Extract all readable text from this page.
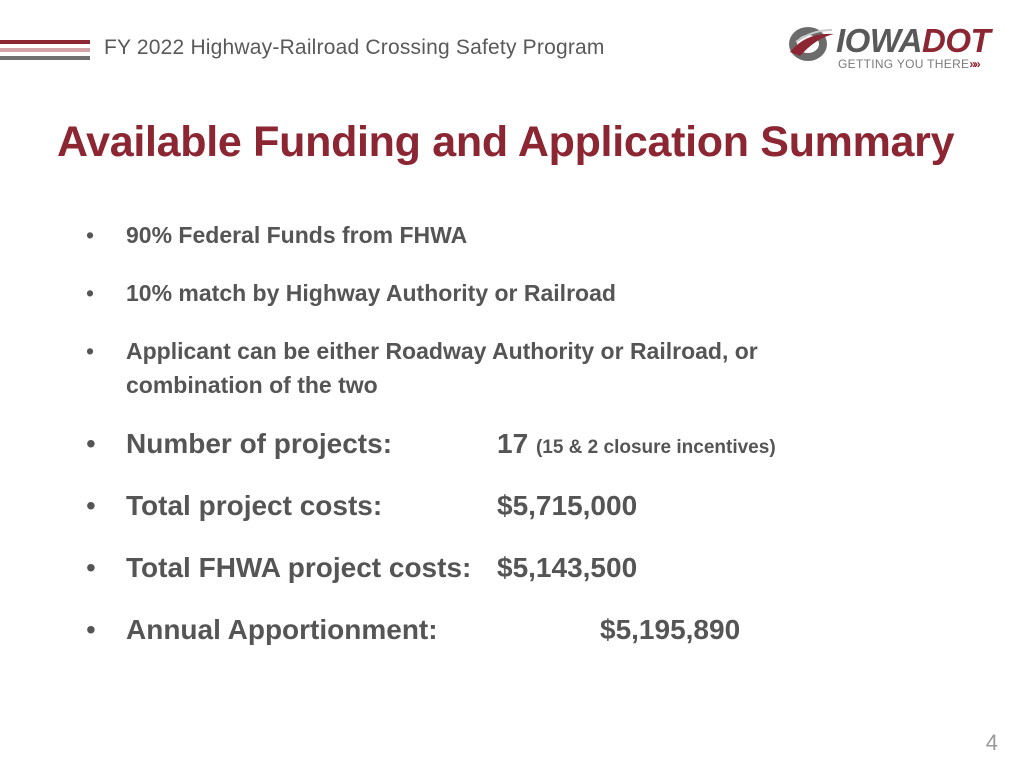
FY 2022 Highway-Railroad Crossing Safety Program	IOWADOT
GETTING YOU THERE»»
Available Funding and Application Summary
• 90% Federal Funds from FHWA
• 10% match by Highway Authority or Railroad
• Applicant can be either Roadway Authority or Railroad, or
combination of the two
• Number of projects:	17 (15 & 2 closure incentives)
• Total project costs:	$5,715,000
• Total FHWA project costs: $5,143,500
• Annual Apportionment:	$5,195,890
4
